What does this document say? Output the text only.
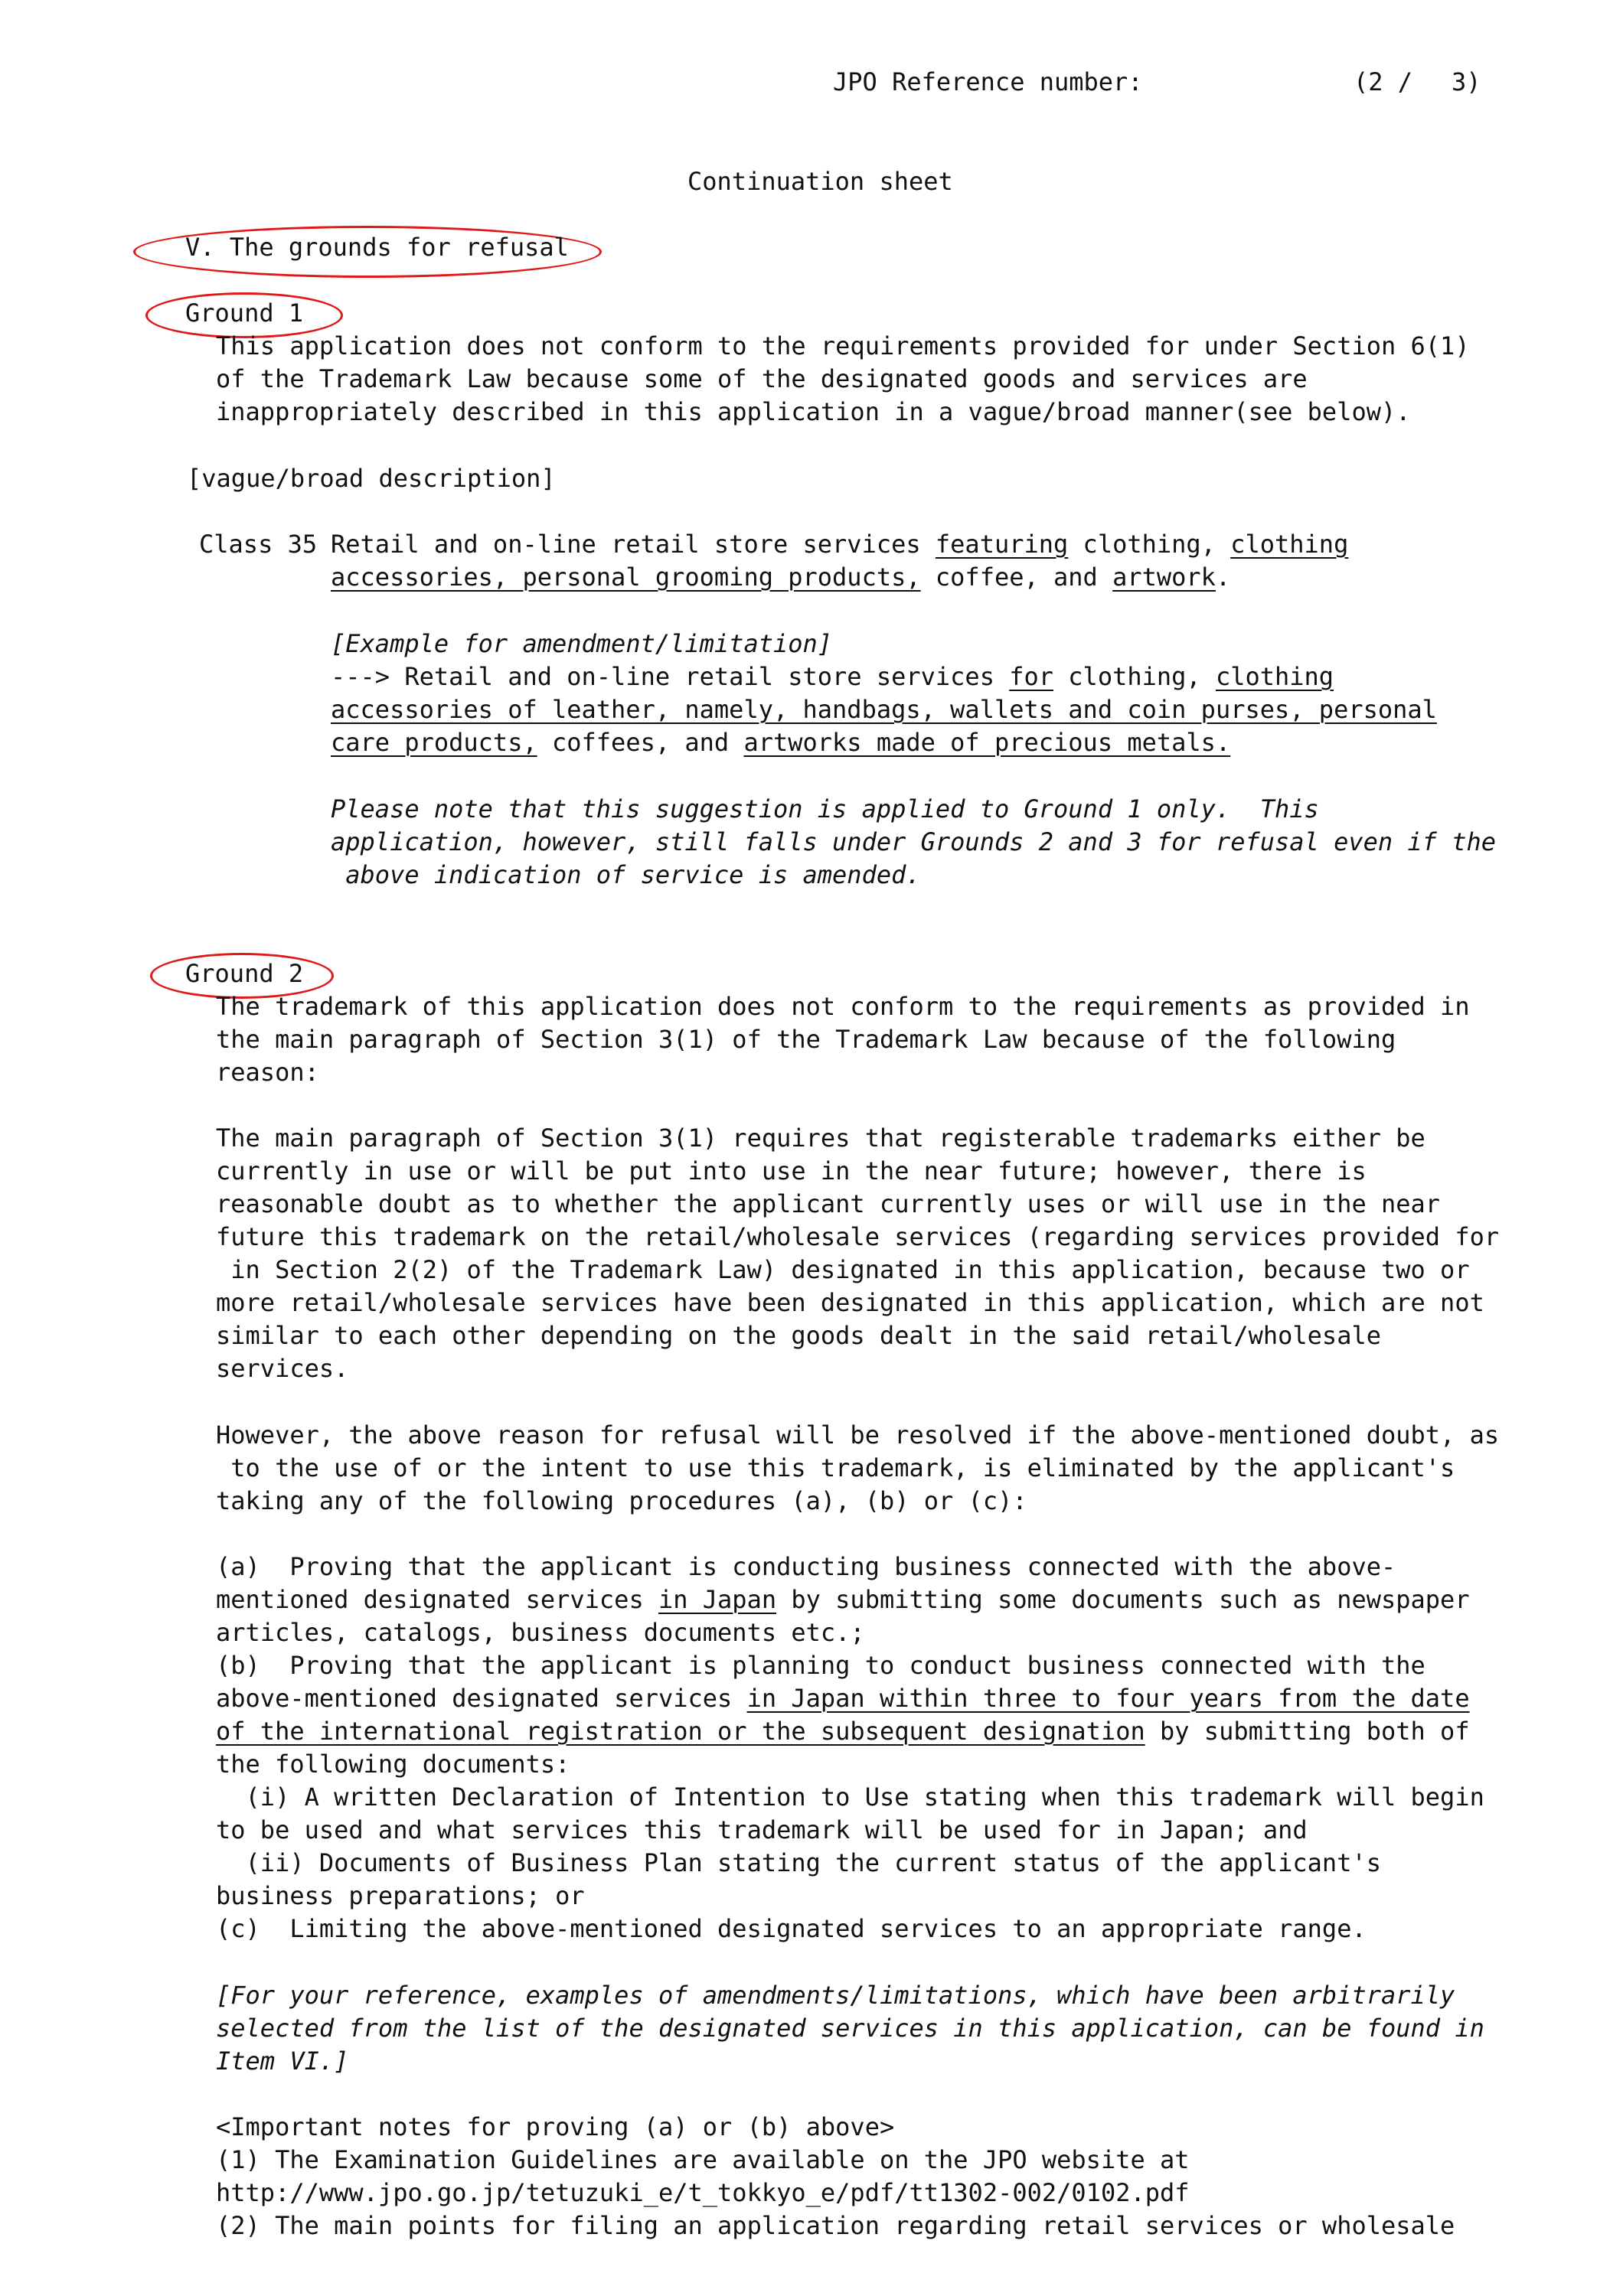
JPO Reference number:	(2 / 3)
Continuation sheet
V. The grounds for refusal
Ground 1
This application does not conform to the requirements provided for under Section 6(1)
of the Trademark Law because some of the designated goods and services are
inappropriately described in this application in a vague/broad manner(see below).
[vague/broad description]
Class 35 Retail and on-line retail store services featuring clothing, clothing
accessories, personal grooming products, coffee, and artwork.
[Example for amendment/limitation]
---> Retail and on-line retail store services for clothing, clothing
accessories of leather, namely, handbags, wallets and coin purses, personal
care products, coffees, and artworks made of precious metals.
Please note that this suggestion is applied to Ground 1 only.  This
application, however, still falls under Grounds 2 and 3 for refusal even if the
above indication of service is amended.
Ground 2
The trademark of this application does not conform to the requirements as provided in
the main paragraph of Section 3(1) of the Trademark Law because of the following
reason:
The main paragraph of Section 3(1) requires that registerable trademarks either be
currently in use or will be put into use in the near future; however, there is
reasonable doubt as to whether the applicant currently uses or will use in the near
future this trademark on the retail/wholesale services (regarding services provided for
in Section 2(2) of the Trademark Law) designated in this application, because two or
more retail/wholesale services have been designated in this application, which are not
similar to each other depending on the goods dealt in the said retail/wholesale
services.
However, the above reason for refusal will be resolved if the above-mentioned doubt, as
to the use of or the intent to use this trademark, is eliminated by the applicant's
taking any of the following procedures (a), (b) or (c):
(a)  Proving that the applicant is conducting business connected with the above-
mentioned designated services in Japan by submitting some documents such as newspaper
articles, catalogs, business documents etc.;
(b)  Proving that the applicant is planning to conduct business connected with the
above-mentioned designated services in Japan within three to four years from the date
of the international registration or the subsequent designation by submitting both of
the following documents:
(i) A written Declaration of Intention to Use stating when this trademark will begin
to be used and what services this trademark will be used for in Japan; and
(ii) Documents of Business Plan stating the current status of the applicant's
business preparations; or
(c)  Limiting the above-mentioned designated services to an appropriate range.
[For your reference, examples of amendments/limitations, which have been arbitrarily
selected from the list of the designated services in this application, can be found in
Item VI.]
<Important notes for proving (a) or (b) above>
(1) The Examination Guidelines are available on the JPO website at
http://www.jpo.go.jp/tetuzuki_e/t_tokkyo_e/pdf/tt1302-002/0102.pdf
(2) The main points for filing an application regarding retail services or wholesale
